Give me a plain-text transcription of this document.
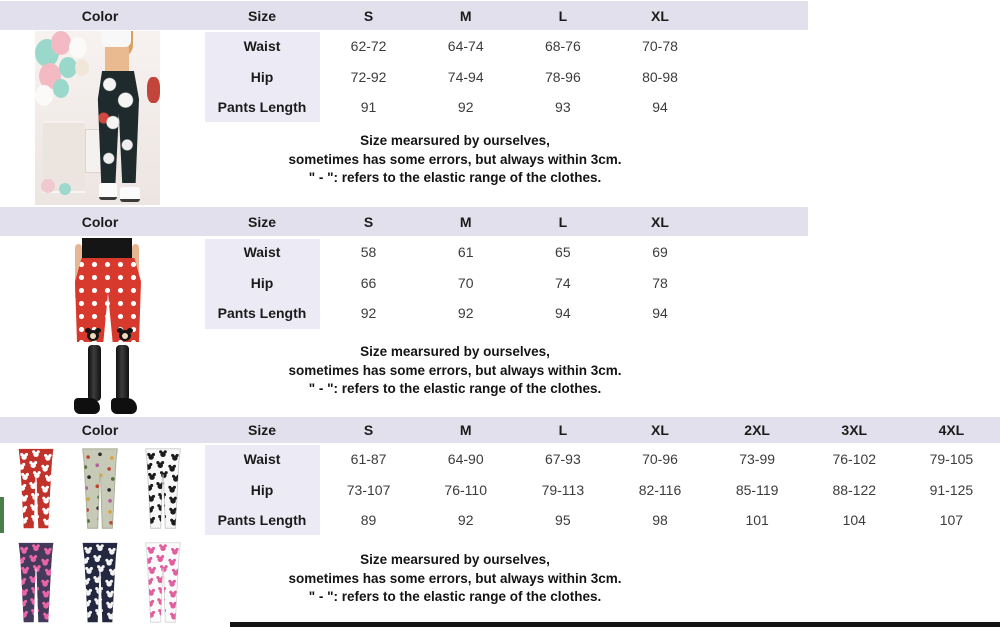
Color	Size	S	M	L	XL
Waist	62-72	64-74	68-76	70-78
Hip	72-92	74-94	78-96	80-98
Pants Length	91	92	93	94
Size mearsured by ourselves,
sometimes has some errors, but always within 3cm.
" - ": refers to the elastic range of the clothes.
Color	Size	S	M	L	XL
Waist	58	61	65	69
Hip	66	70	74	78
Pants Length	92	92	94	94
Size mearsured by ourselves,
sometimes has some errors, but always within 3cm.
" - ": refers to the elastic range of the clothes.
Color	Size	S	M	L	XL	2XL	3XL	4XL
Waist	61-87	64-90	67-93	70-96	73-99	76-102	79-105
Hip	73-107	76-110	79-113	82-116	85-119	88-122	91-125
Pants Length	89	92	95	98	101	104	107
Size mearsured by ourselves,
sometimes has some errors, but always within 3cm.
" - ": refers to the elastic range of the clothes.
